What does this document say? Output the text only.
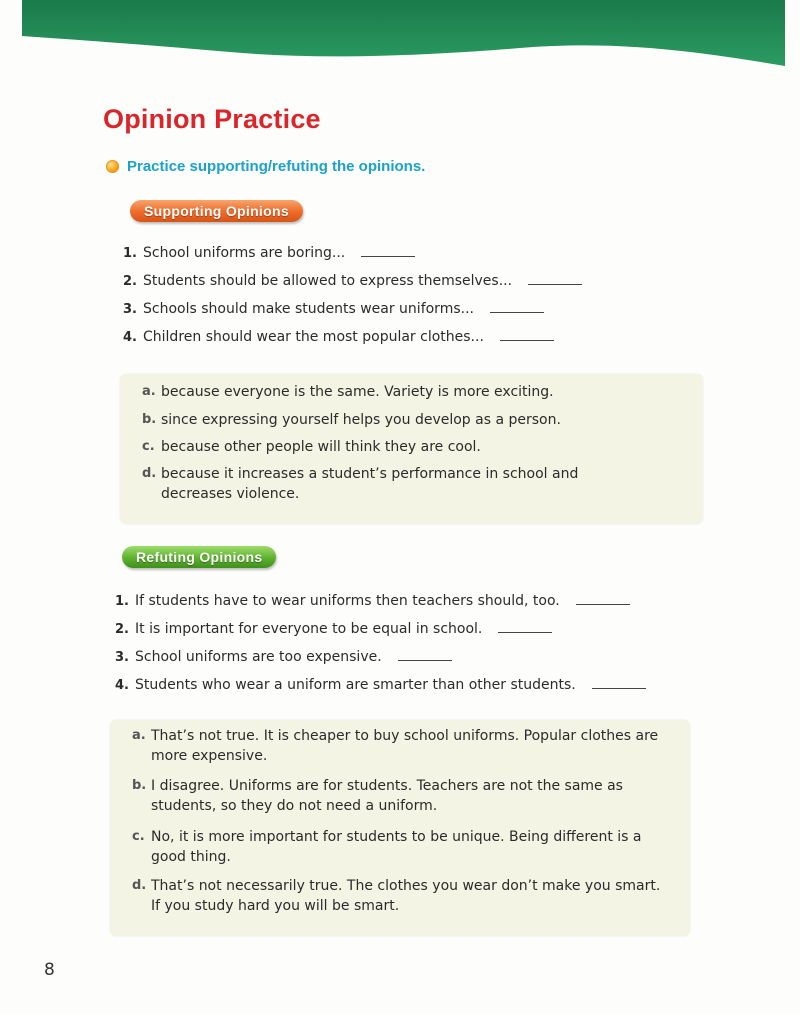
Opinion Practice
Practice supporting/refuting the opinions.
Supporting Opinions
1. School uniforms are boring...
2. Students should be allowed to express themselves...
3. Schools should make students wear uniforms...
4. Children should wear the most popular clothes...
a. because everyone is the same. Variety is more exciting.
b. since expressing yourself helps you develop as a person.
c. because other people will think they are cool.
d. because it increases a student’s performance in school and decreases violence.
Refuting Opinions
1. If students have to wear uniforms then teachers should, too.
2. It is important for everyone to be equal in school.
3. School uniforms are too expensive.
4. Students who wear a uniform are smarter than other students.
a. That’s not true. It is cheaper to buy school uniforms. Popular clothes are more expensive.
b. I disagree. Uniforms are for students. Teachers are not the same as students, so they do not need a uniform.
c. No, it is more important for students to be unique. Being different is a good thing.
d. That’s not necessarily true. The clothes you wear don’t make you smart. If you study hard you will be smart.
8
